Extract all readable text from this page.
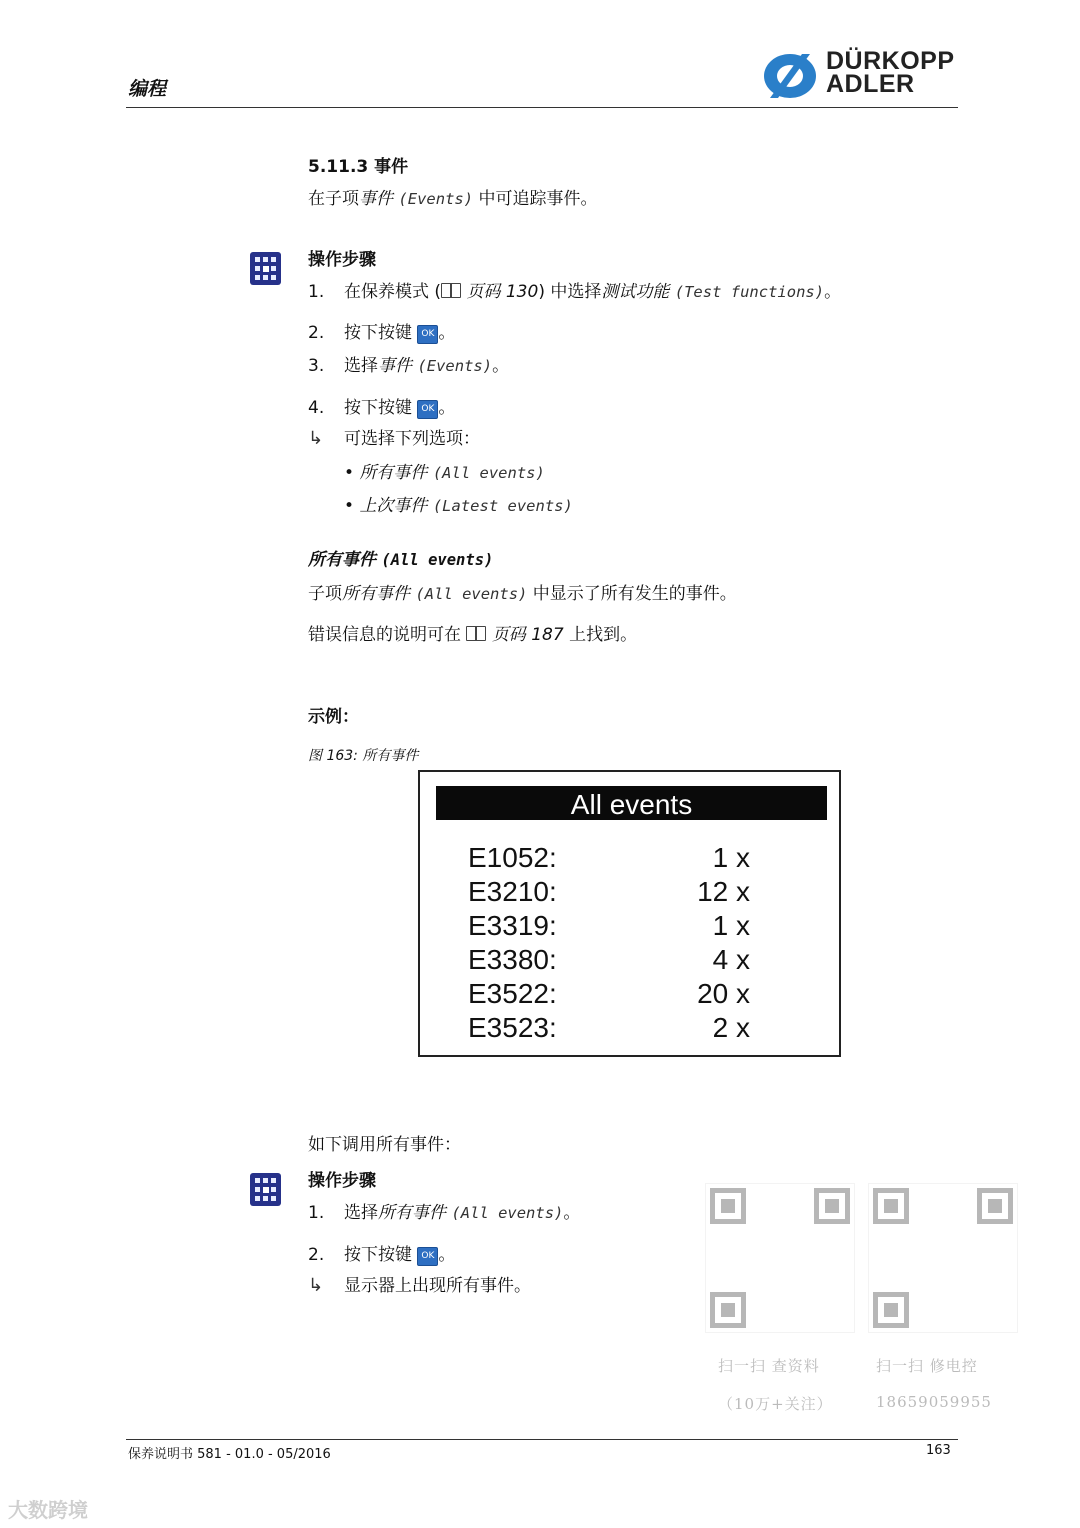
编程
DÜRKOPP
ADLER
5.11.3 事件
在子项事件 (Events) 中可追踪事件。
操作步骤
1. 在保养模式 ( 页码 130) 中选择测试功能 (Test functions)。
2. 按下按键 OK 。
3. 选择事件 (Events)。
4. 按下按键 OK 。
↳ 可选择下列选项：
• 所有事件 (All events)
• 上次事件 (Latest events)
所有事件 (All events)
子项所有事件 (All events) 中显示了所有发生的事件。
错误信息的说明可在 页码 187 上找到。
示例：
图 163: 所有事件
All events
E1052:	1 x
E3210:	12 x
E3319:	1 x
E3380:	4 x
E3522:	20 x
E3523:	2 x
如下调用所有事件：
操作步骤
1. 选择所有事件 (All events)。
2. 按下按键 OK 。
↳ 显示器上出现所有事件。
扫一扫 查资料
（10万+关注）
扫一扫 修电控
18659059955
保养说明书 581 - 01.0 - 05/2016	163
大数跨境
